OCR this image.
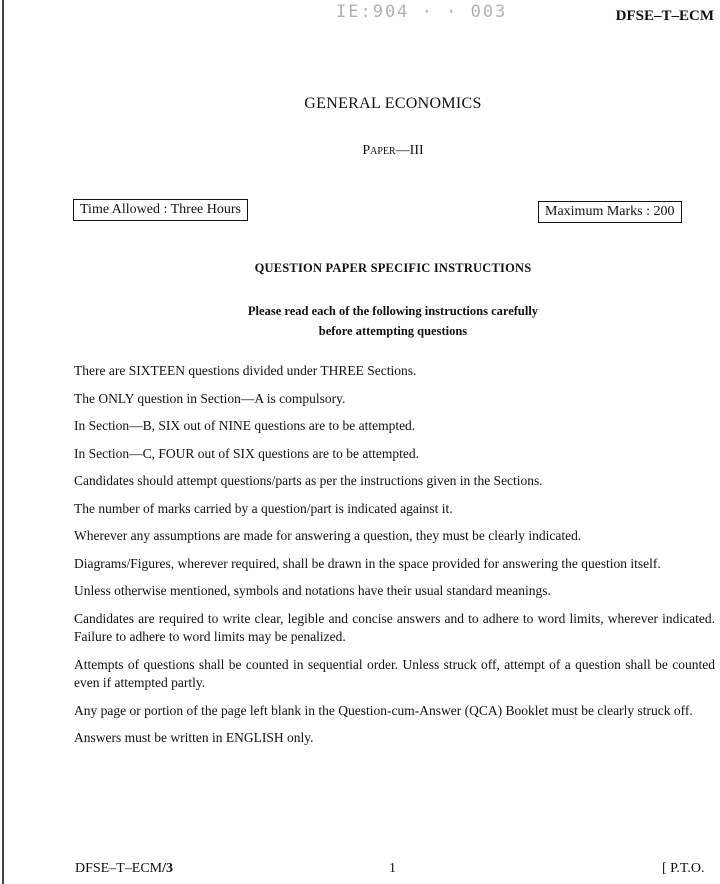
IE:904 · · 003	DFSE–T–ECM
GENERAL ECONOMICS
Paper—III
Time Allowed : Three Hours	Maximum Marks : 200
QUESTION PAPER SPECIFIC INSTRUCTIONS
Please read each of the following instructions carefully
before attempting questions
There are SIXTEEN questions divided under THREE Sections.
The ONLY question in Section—A is compulsory.
In Section—B, SIX out of NINE questions are to be attempted.
In Section—C, FOUR out of SIX questions are to be attempted.
Candidates should attempt questions/parts as per the instructions given in the Sections.
The number of marks carried by a question/part is indicated against it.
Wherever any assumptions are made for answering a question, they must be clearly indicated.
Diagrams/Figures, wherever required, shall be drawn in the space provided for answering the question itself.
Unless otherwise mentioned, symbols and notations have their usual standard meanings.
Candidates are required to write clear, legible and concise answers and to adhere to word limits, wherever indicated. Failure to adhere to word limits may be penalized.
Attempts of questions shall be counted in sequential order. Unless struck off, attempt of a question shall be counted even if attempted partly.
Any page or portion of the page left blank in the Question-cum-Answer (QCA) Booklet must be clearly struck off.
Answers must be written in ENGLISH only.
DFSE–T–ECM/3	1	[ P.T.O.
